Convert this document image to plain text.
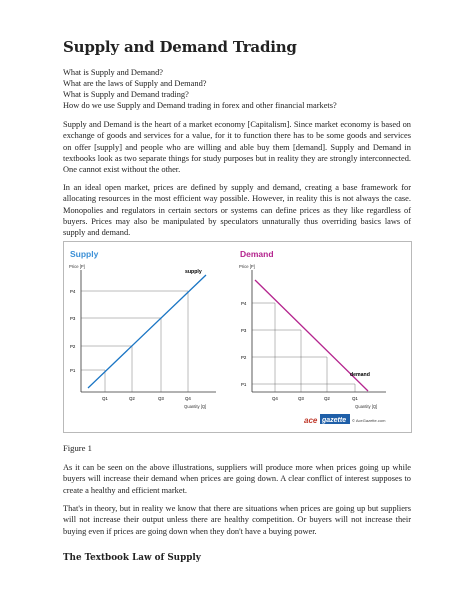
Supply and Demand Trading
What is Supply and Demand?
What are the laws of Supply and Demand?
What is Supply and Demand trading?
How do we use Supply and Demand trading in forex and other financial markets?

Supply and Demand is the heart of a market economy [Capitalism]. Since market economy is based on exchange of goods and services for a value, for it to function there has to be some goods and services on offer [supply] and people who are willing and able buy them [demand]. Supply and Demand in textbooks look as two separate things for study purposes but in reality they are strongly interconnected. One cannot exist without the other.

In an ideal open market, prices are defined by supply and demand, creating a base framework for allocating resources in the most efficient way possible. However, in reality this is not always the case. Monopolies and regulators in certain sectors or systems can define prices as they like regardless of buyers. Prices may also be manipulated by speculators unnaturally thus overriding basics laws of supply and demand.

Supply
Price [P]
supply
P1
P2
P3
P4
Q1	Q2	Q3	Q4
Quantity [Q]
Demand
Price [P]
demand
P4
P3
P2
P1
Q4	Q3	Q2	Q1
Quantity [Q]
ace gazette © AceGazette.com
Figure 1

As it can be seen on the above illustrations, suppliers will produce more when prices going up while buyers will increase their demand when prices are going down. A clear conflict of interest supposes to create a healthy and efficient market.

That's in theory, but in reality we know that there are situations when prices are going up but suppliers will not increase their output unless there are healthy competition. Or buyers will not increase their buying even if prices are going down when they don't have a buying power.

The Textbook Law of Supply
